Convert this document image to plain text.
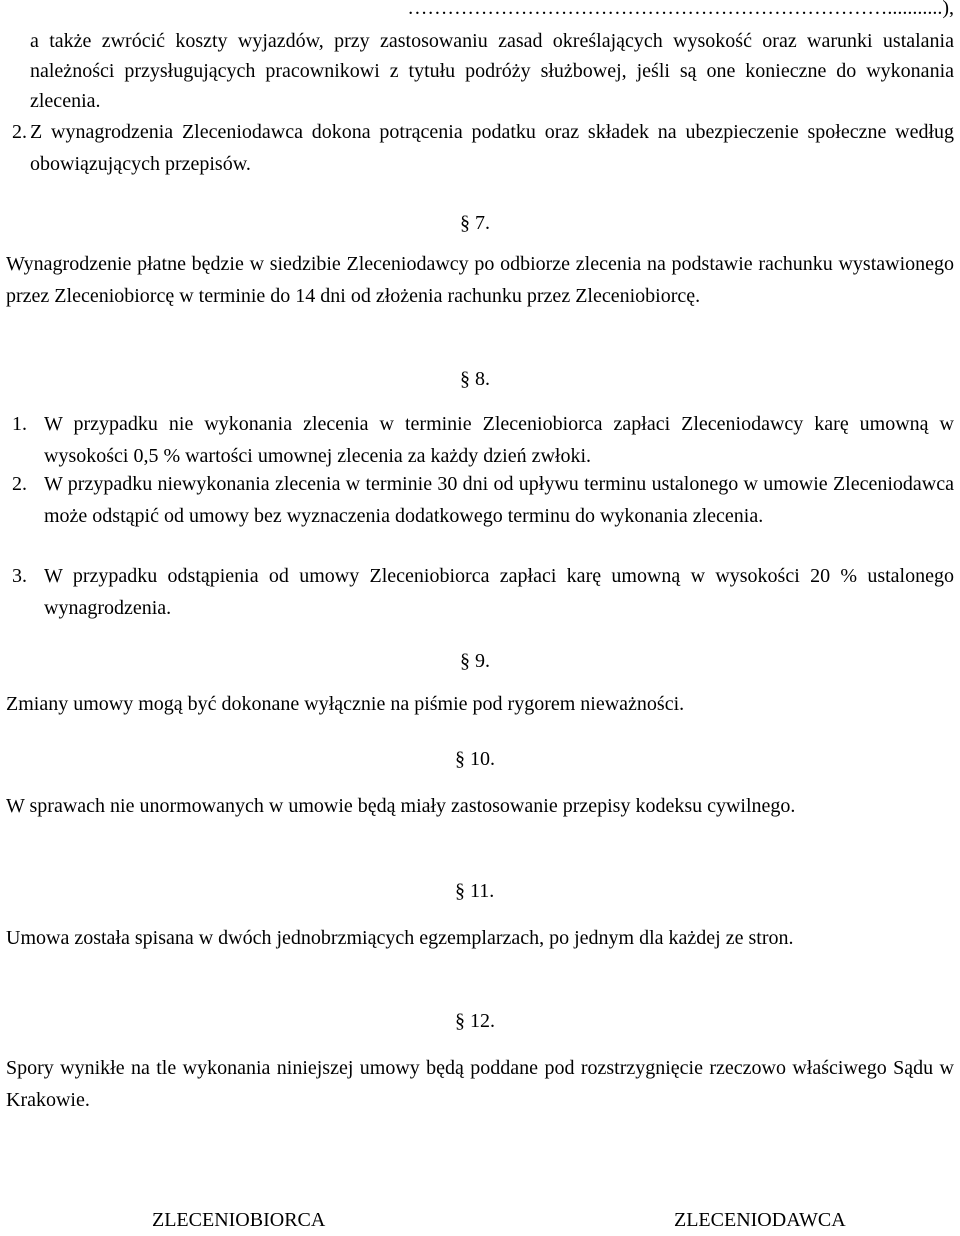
………………………………………………………………...........),
a także zwrócić koszty wyjazdów, przy zastosowaniu zasad określających wysokość oraz warunki ustalania należności przysługujących pracownikowi z tytułu podróży służbowej, jeśli są one konieczne do wykonania zlecenia.
2. Z wynagrodzenia Zleceniodawca dokona potrącenia podatku oraz składek na ubezpieczenie społeczne według obowiązujących przepisów.
§ 7.
Wynagrodzenie płatne będzie w siedzibie Zleceniodawcy po odbiorze zlecenia na podstawie rachunku wystawionego przez Zleceniobiorcę w terminie do 14 dni od złożenia rachunku przez Zleceniobiorcę.
§ 8.
1. W przypadku nie wykonania zlecenia w terminie Zleceniobiorca zapłaci Zleceniodawcy karę umowną w wysokości 0,5 % wartości umownej zlecenia za każdy dzień zwłoki.
2. W przypadku niewykonania zlecenia w terminie 30 dni od upływu terminu ustalonego w umowie Zleceniodawca może odstąpić od umowy bez wyznaczenia dodatkowego terminu do wykonania zlecenia.
3. W przypadku odstąpienia od umowy Zleceniobiorca zapłaci karę umowną w wysokości 20 % ustalonego wynagrodzenia.
§ 9.
Zmiany umowy mogą być dokonane wyłącznie na piśmie pod rygorem nieważności.
§ 10.
W sprawach nie unormowanych w umowie będą miały zastosowanie przepisy kodeksu cywilnego.
§ 11.
Umowa została spisana w dwóch jednobrzmiących egzemplarzach, po jednym dla każdej ze stron.
§ 12.
Spory wynikłe na tle wykonania niniejszej umowy będą poddane pod rozstrzygnięcie rzeczowo właściwego Sądu w Krakowie.
ZLECENIOBIORCA	ZLECENIODAWCA
